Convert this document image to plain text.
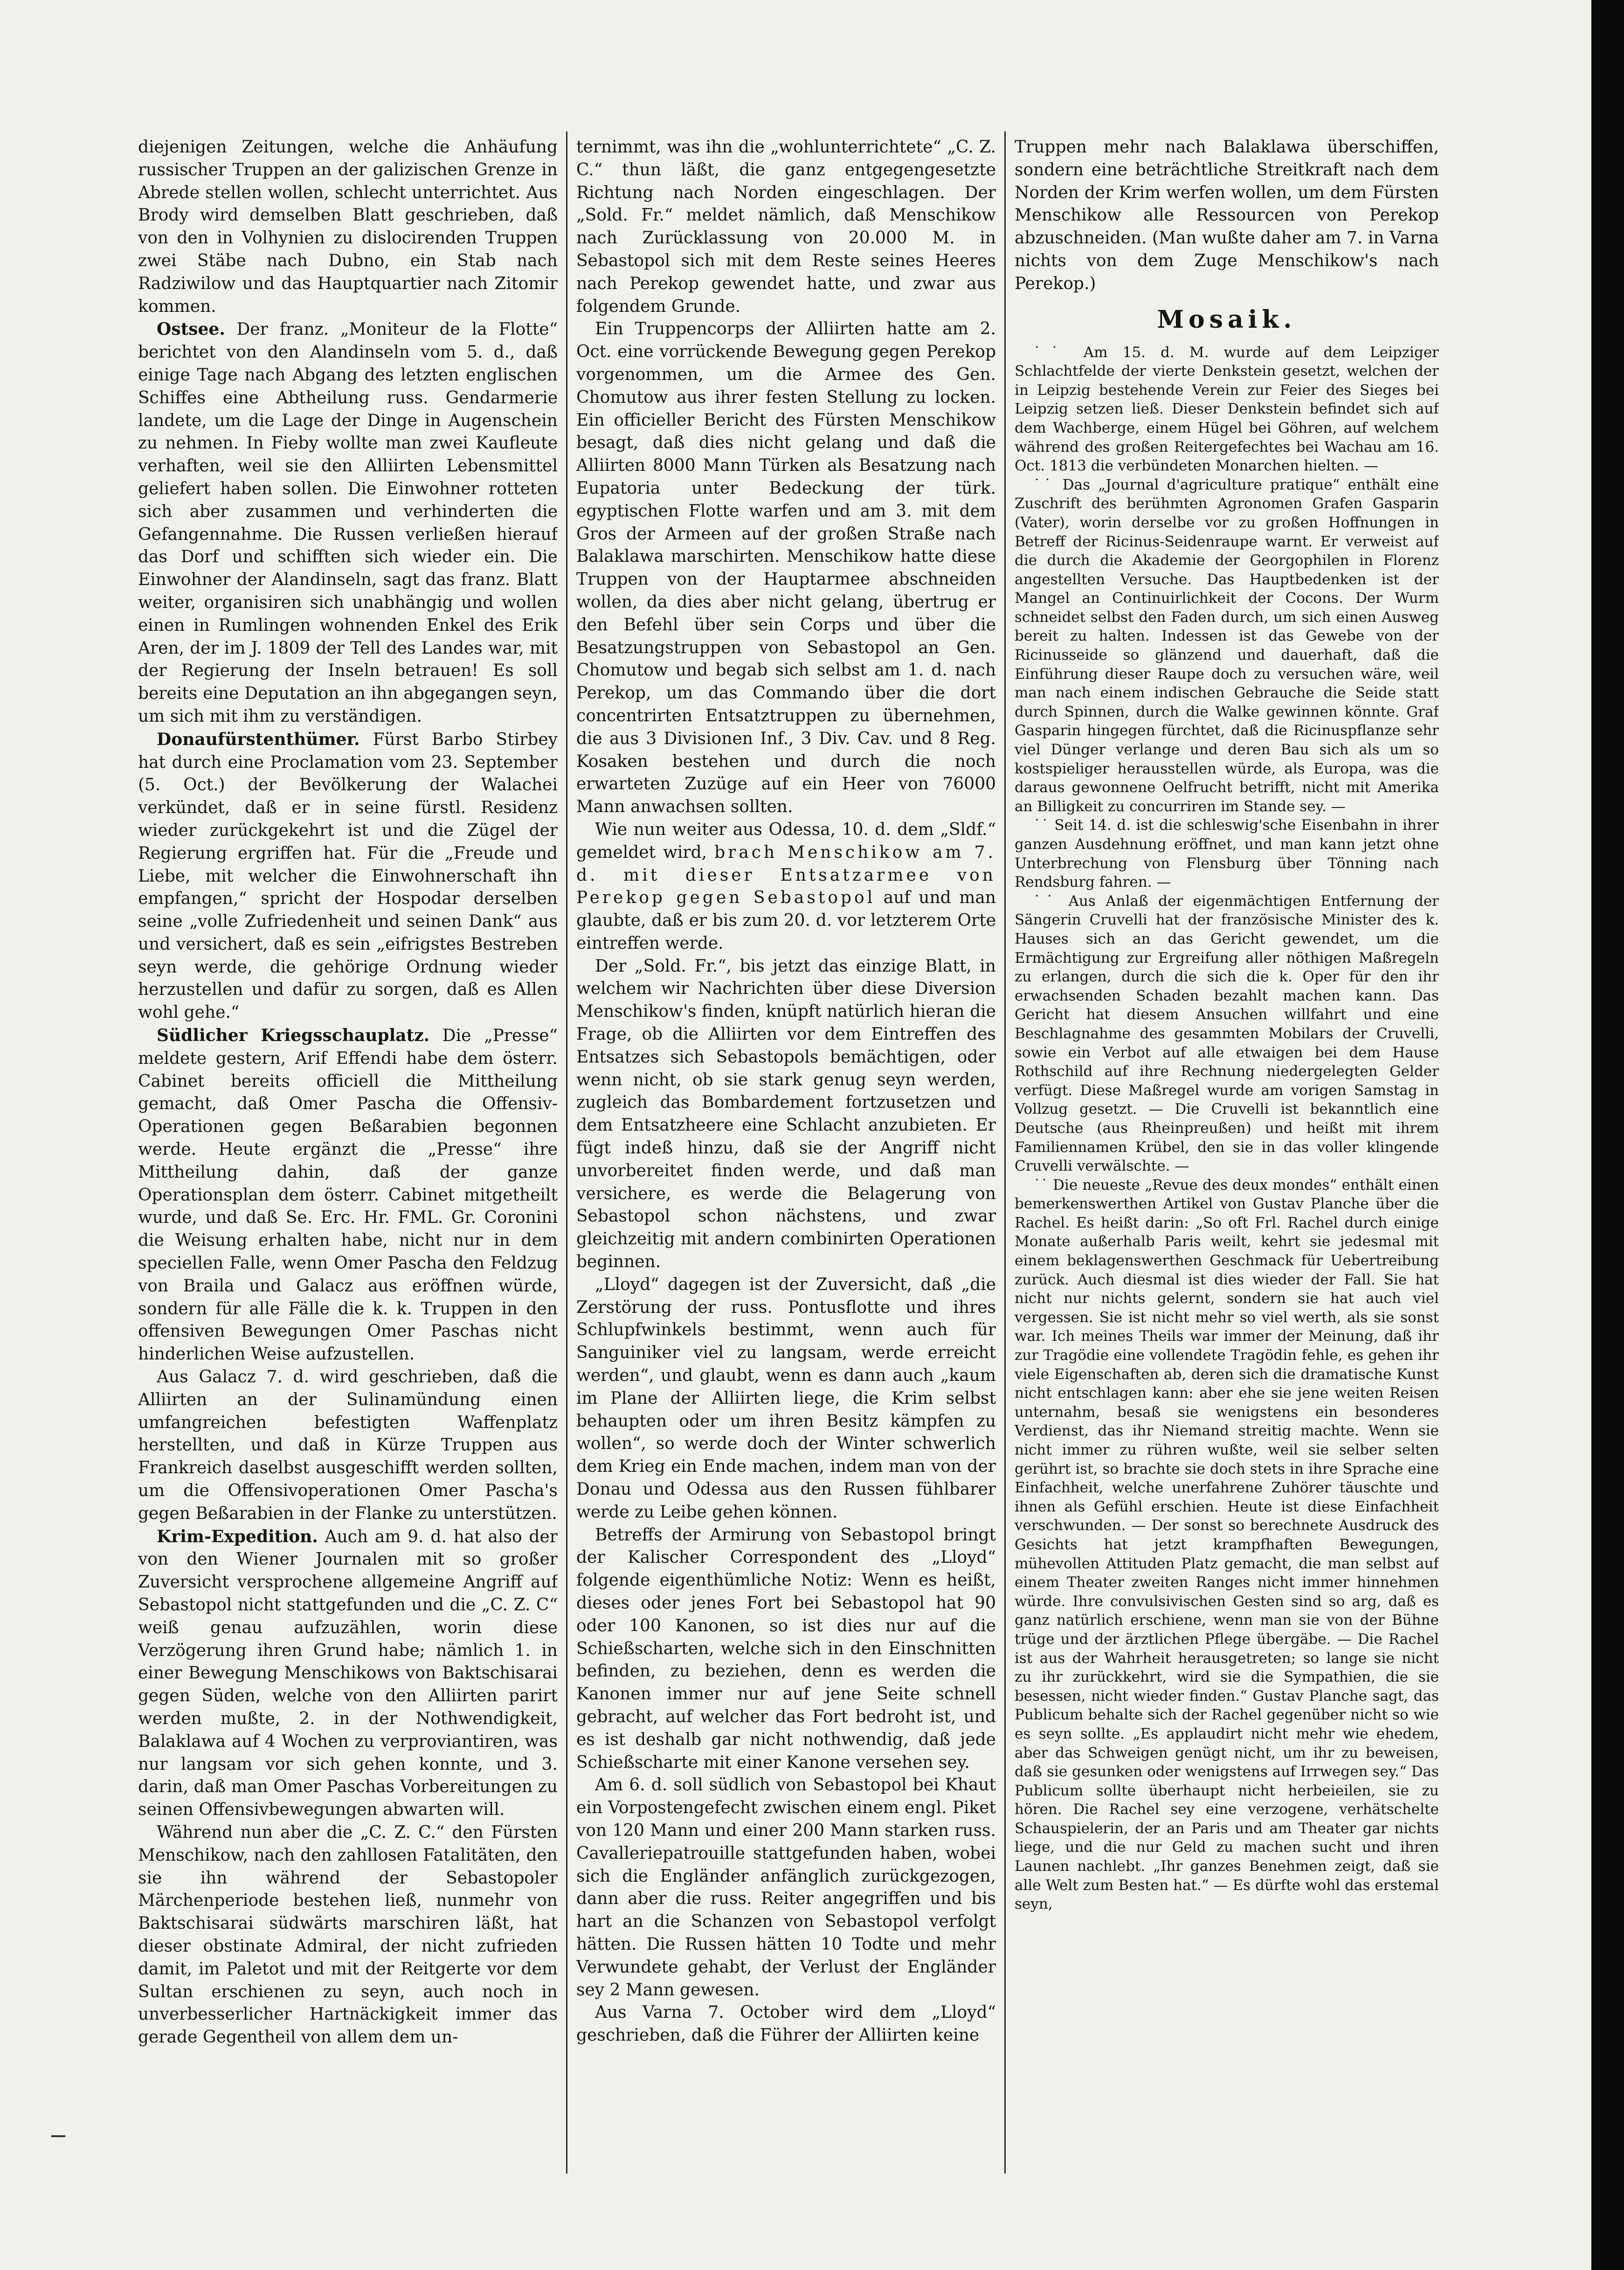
diejenigen Zeitungen, welche die Anhäufung russischer Truppen an der galizischen Grenze in Abrede stellen wollen, schlecht unterrichtet. Aus Brody wird demselben Blatt geschrieben, daß von den in Volhynien zu dislocirenden Truppen zwei Stäbe nach Dubno, ein Stab nach Radziwilow und das Hauptquartier nach Zitomir kommen.

Ostsee. Der franz. „Moniteur de la Flotte“ berichtet von den Alandinseln vom 5. d., daß einige Tage nach Abgang des letzten englischen Schiffes eine Abtheilung russ. Gendarmerie landete, um die Lage der Dinge in Augenschein zu nehmen. In Fieby wollte man zwei Kaufleute verhaften, weil sie den Alliirten Lebensmittel geliefert haben sollen. Die Einwohner rotteten sich aber zusammen und verhinderten die Gefangennahme. Die Russen verließen hierauf das Dorf und schifften sich wieder ein. Die Einwohner der Alandinseln, sagt das franz. Blatt weiter, organisiren sich unabhängig und wollen einen in Rumlingen wohnenden Enkel des Erik Aren, der im J. 1809 der Tell des Landes war, mit der Regierung der Inseln betrauen! Es soll bereits eine Deputation an ihn abgegangen seyn, um sich mit ihm zu verständigen.

Donaufürstenthümer. Fürst Barbo Stirbey hat durch eine Proclamation vom 23. September (5. Oct.) der Bevölkerung der Walachei verkündet, daß er in seine fürstl. Residenz wieder zurückgekehrt ist und die Zügel der Regierung ergriffen hat. Für die „Freude und Liebe, mit welcher die Einwohnerschaft ihn empfangen,“ spricht der Hospodar derselben seine „volle Zufriedenheit und seinen Dank“ aus und versichert, daß es sein „eifrigstes Bestreben seyn werde, die gehörige Ordnung wieder herzustellen und dafür zu sorgen, daß es Allen wohl gehe.“

Südlicher Kriegsschauplatz. Die „Presse“ meldete gestern, Arif Effendi habe dem österr. Cabinet bereits officiell die Mittheilung gemacht, daß Omer Pascha die Offensiv-Operationen gegen Beßarabien begonnen werde. Heute ergänzt die „Presse“ ihre Mittheilung dahin, daß der ganze Operationsplan dem österr. Cabinet mitgetheilt wurde, und daß Se. Erc. Hr. FML. Gr. Coronini die Weisung erhalten habe, nicht nur in dem speciellen Falle, wenn Omer Pascha den Feldzug von Braila und Galacz aus eröffnen würde, sondern für alle Fälle die k. k. Truppen in den offensiven Bewegungen Omer Paschas nicht hinderlichen Weise aufzustellen.

Aus Galacz 7. d. wird geschrieben, daß die Alliirten an der Sulinamündung einen umfangreichen befestigten Waffenplatz herstellten, und daß in Kürze Truppen aus Frankreich daselbst ausgeschifft werden sollten, um die Offensivoperationen Omer Pascha's gegen Beßarabien in der Flanke zu unterstützen.

Krim-Expedition. Auch am 9. d. hat also der von den Wiener Journalen mit so großer Zuversicht versprochene allgemeine Angriff auf Sebastopol nicht stattgefunden und die „C. Z. C“ weiß genau aufzuzählen, worin diese Verzögerung ihren Grund habe; nämlich 1. in einer Bewegung Menschikows von Baktschisarai gegen Süden, welche von den Alliirten parirt werden mußte, 2. in der Nothwendigkeit, Balaklawa auf 4 Wochen zu verproviantiren, was nur langsam vor sich gehen konnte, und 3. darin, daß man Omer Paschas Vorbereitungen zu seinen Offensivbewegungen abwarten will.

Während nun aber die „C. Z. C.“ den Fürsten Menschikow, nach den zahllosen Fatalitäten, den sie ihn während der Sebastopoler Märchenperiode bestehen ließ, nunmehr von Baktschisarai südwärts marschiren läßt, hat dieser obstinate Admiral, der nicht zufrieden damit, im Paletot und mit der Reitgerte vor dem Sultan erschienen zu seyn, auch noch in unverbesserlicher Hartnäckigkeit immer das gerade Gegentheil von allem dem un-

ternimmt, was ihn die „wohlunterrichtete“ „C. Z. C.“ thun läßt, die ganz entgegengesetzte Richtung nach Norden eingeschlagen. Der „Sold. Fr.“ meldet nämlich, daß Menschikow nach Zurücklassung von 20.000 M. in Sebastopol sich mit dem Reste seines Heeres nach Perekop gewendet hatte, und zwar aus folgendem Grunde.

Ein Truppencorps der Alliirten hatte am 2. Oct. eine vorrückende Bewegung gegen Perekop vorgenommen, um die Armee des Gen. Chomutow aus ihrer festen Stellung zu locken. Ein officieller Bericht des Fürsten Menschikow besagt, daß dies nicht gelang und daß die Alliirten 8000 Mann Türken als Besatzung nach Eupatoria unter Bedeckung der türk. egyptischen Flotte warfen und am 3. mit dem Gros der Armeen auf der großen Straße nach Balaklawa marschirten. Menschikow hatte diese Truppen von der Hauptarmee abschneiden wollen, da dies aber nicht gelang, übertrug er den Befehl über sein Corps und über die Besatzungstruppen von Sebastopol an Gen. Chomutow und begab sich selbst am 1. d. nach Perekop, um das Commando über die dort concentrirten Entsatztruppen zu übernehmen, die aus 3 Divisionen Inf., 3 Div. Cav. und 8 Reg. Kosaken bestehen und durch die noch erwarteten Zuzüge auf ein Heer von 76000 Mann anwachsen sollten.

Wie nun weiter aus Odessa, 10. d. dem „Sldf.“ gemeldet wird, brach Menschikow am 7. d. mit dieser Entsatzarmee von Perekop gegen Sebastopol auf und man glaubte, daß er bis zum 20. d. vor letzterem Orte eintreffen werde.

Der „Sold. Fr.“, bis jetzt das einzige Blatt, in welchem wir Nachrichten über diese Diversion Menschikow's finden, knüpft natürlich hieran die Frage, ob die Alliirten vor dem Eintreffen des Entsatzes sich Sebastopols bemächtigen, oder wenn nicht, ob sie stark genug seyn werden, zugleich das Bombardement fortzusetzen und dem Entsatzheere eine Schlacht anzubieten. Er fügt indeß hinzu, daß sie der Angriff nicht unvorbereitet finden werde, und daß man versichere, es werde die Belagerung von Sebastopol schon nächstens, und zwar gleichzeitig mit andern combinirten Operationen beginnen.

„Lloyd“ dagegen ist der Zuversicht, daß „die Zerstörung der russ. Pontusflotte und ihres Schlupfwinkels bestimmt, wenn auch für Sanguiniker viel zu langsam, werde erreicht werden“, und glaubt, wenn es dann auch „kaum im Plane der Alliirten liege, die Krim selbst behaupten oder um ihren Besitz kämpfen zu wollen“, so werde doch der Winter schwerlich dem Krieg ein Ende machen, indem man von der Donau und Odessa aus den Russen fühlbarer werde zu Leibe gehen können.

Betreffs der Armirung von Sebastopol bringt der Kalischer Correspondent des „Lloyd“ folgende eigenthümliche Notiz: Wenn es heißt, dieses oder jenes Fort bei Sebastopol hat 90 oder 100 Kanonen, so ist dies nur auf die Schießscharten, welche sich in den Einschnitten befinden, zu beziehen, denn es werden die Kanonen immer nur auf jene Seite schnell gebracht, auf welcher das Fort bedroht ist, und es ist deshalb gar nicht nothwendig, daß jede Schießscharte mit einer Kanone versehen sey.

Am 6. d. soll südlich von Sebastopol bei Khaut ein Vorpostengefecht zwischen einem engl. Piket von 120 Mann und einer 200 Mann starken russ. Cavalleriepatrouille stattgefunden haben, wobei sich die Engländer anfänglich zurückgezogen, dann aber die russ. Reiter angegriffen und bis hart an die Schanzen von Sebastopol verfolgt hätten. Die Russen hätten 10 Todte und mehr Verwundete gehabt, der Verlust der Engländer sey 2 Mann gewesen.

Aus Varna 7. October wird dem „Lloyd“ geschrieben, daß die Führer der Alliirten keine

Truppen mehr nach Balaklawa überschiffen, sondern eine beträchtliche Streitkraft nach dem Norden der Krim werfen wollen, um dem Fürsten Menschikow alle Ressourcen von Perekop abzuschneiden. (Man wußte daher am 7. in Varna nichts von dem Zuge Menschikow's nach Perekop.)

Mosaik.

˙˙ Am 15. d. M. wurde auf dem Leipziger Schlachtfelde der vierte Denkstein gesetzt, welchen der in Leipzig bestehende Verein zur Feier des Sieges bei Leipzig setzen ließ. Dieser Denkstein befindet sich auf dem Wachberge, einem Hügel bei Göhren, auf welchem während des großen Reitergefechtes bei Wachau am 16. Oct. 1813 die verbündeten Monarchen hielten. —

˙˙ Das „Journal d'agriculture pratique“ enthält eine Zuschrift des berühmten Agronomen Grafen Gasparin (Vater), worin derselbe vor zu großen Hoffnungen in Betreff der Ricinus-Seidenraupe warnt. Er verweist auf die durch die Akademie der Georgophilen in Florenz angestellten Versuche. Das Hauptbedenken ist der Mangel an Continuirlichkeit der Cocons. Der Wurm schneidet selbst den Faden durch, um sich einen Ausweg bereit zu halten. Indessen ist das Gewebe von der Ricinusseide so glänzend und dauerhaft, daß die Einführung dieser Raupe doch zu versuchen wäre, weil man nach einem indischen Gebrauche die Seide statt durch Spinnen, durch die Walke gewinnen könnte. Graf Gasparin hingegen fürchtet, daß die Ricinuspflanze sehr viel Dünger verlange und deren Bau sich als um so kostspieliger herausstellen würde, als Europa, was die daraus gewonnene Oelfrucht betrifft, nicht mit Amerika an Billigkeit zu concurriren im Stande sey. —

˙˙ Seit 14. d. ist die schleswig'sche Eisenbahn in ihrer ganzen Ausdehnung eröffnet, und man kann jetzt ohne Unterbrechung von Flensburg über Tönning nach Rendsburg fahren. —

˙˙ Aus Anlaß der eigenmächtigen Entfernung der Sängerin Cruvelli hat der französische Minister des k. Hauses sich an das Gericht gewendet, um die Ermächtigung zur Ergreifung aller nöthigen Maßregeln zu erlangen, durch die sich die k. Oper für den ihr erwachsenden Schaden bezahlt machen kann. Das Gericht hat diesem Ansuchen willfahrt und eine Beschlagnahme des gesammten Mobilars der Cruvelli, sowie ein Verbot auf alle etwaigen bei dem Hause Rothschild auf ihre Rechnung niedergelegten Gelder verfügt. Diese Maßregel wurde am vorigen Samstag in Vollzug gesetzt. — Die Cruvelli ist bekanntlich eine Deutsche (aus Rheinpreußen) und heißt mit ihrem Familiennamen Krübel, den sie in das voller klingende Cruvelli verwälschte. —

˙˙ Die neueste „Revue des deux mondes“ enthält einen bemerkenswerthen Artikel von Gustav Planche über die Rachel. Es heißt darin: „So oft Frl. Rachel durch einige Monate außerhalb Paris weilt, kehrt sie jedesmal mit einem beklagenswerthen Geschmack für Uebertreibung zurück. Auch diesmal ist dies wieder der Fall. Sie hat nicht nur nichts gelernt, sondern sie hat auch viel vergessen. Sie ist nicht mehr so viel werth, als sie sonst war. Ich meines Theils war immer der Meinung, daß ihr zur Tragödie eine vollendete Tragödin fehle, es gehen ihr viele Eigenschaften ab, deren sich die dramatische Kunst nicht entschlagen kann: aber ehe sie jene weiten Reisen unternahm, besaß sie wenigstens ein besonderes Verdienst, das ihr Niemand streitig machte. Wenn sie nicht immer zu rühren wußte, weil sie selber selten gerührt ist, so brachte sie doch stets in ihre Sprache eine Einfachheit, welche unerfahrene Zuhörer täuschte und ihnen als Gefühl erschien. Heute ist diese Einfachheit verschwunden. — Der sonst so berechnete Ausdruck des Gesichts hat jetzt krampfhaften Bewegungen, mühevollen Attituden Platz gemacht, die man selbst auf einem Theater zweiten Ranges nicht immer hinnehmen würde. Ihre convulsivischen Gesten sind so arg, daß es ganz natürlich erschiene, wenn man sie von der Bühne trüge und der ärztlichen Pflege übergäbe. — Die Rachel ist aus der Wahrheit herausgetreten; so lange sie nicht zu ihr zurückkehrt, wird sie die Sympathien, die sie besessen, nicht wieder finden.“ Gustav Planche sagt, das Publicum behalte sich der Rachel gegenüber nicht so wie es seyn sollte. „Es applaudirt nicht mehr wie ehedem, aber das Schweigen genügt nicht, um ihr zu beweisen, daß sie gesunken oder wenigstens auf Irrwegen sey.“ Das Publicum sollte überhaupt nicht herbeieilen, sie zu hören. Die Rachel sey eine verzogene, verhätschelte Schauspielerin, der an Paris und am Theater gar nichts liege, und die nur Geld zu machen sucht und ihren Launen nachlebt. „Ihr ganzes Benehmen zeigt, daß sie alle Welt zum Besten hat.“ — Es dürfte wohl das erstemal seyn,
